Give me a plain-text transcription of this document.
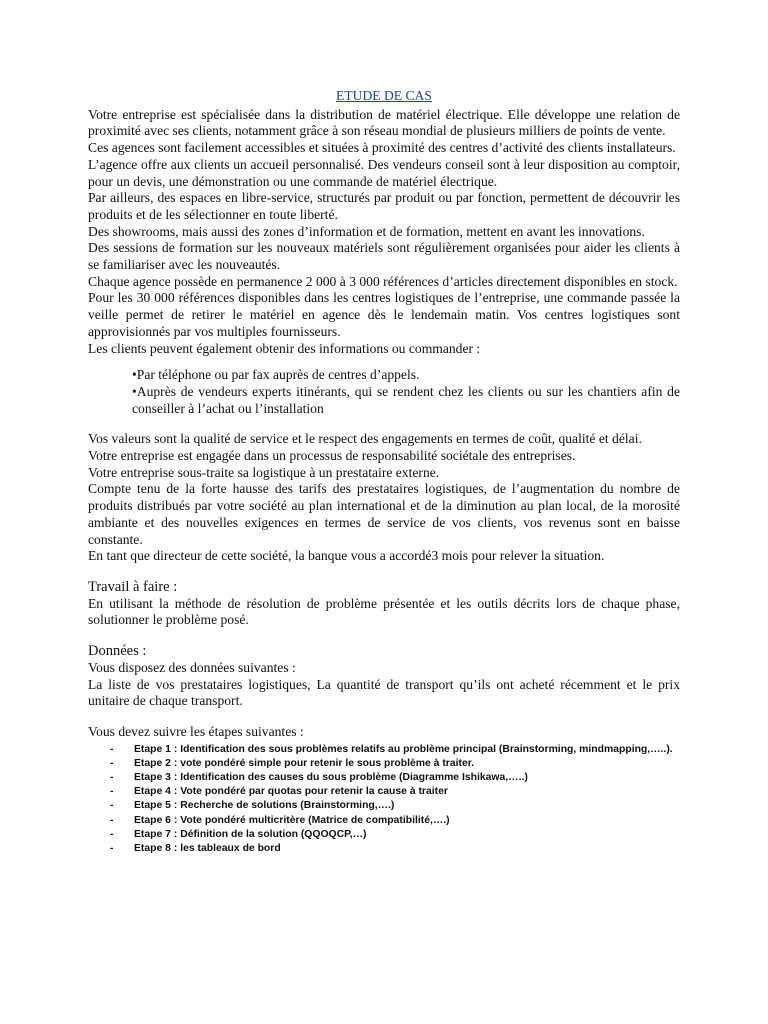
ETUDE DE CAS

Votre entreprise est spécialisée dans la distribution de matériel électrique. Elle développe une relation de proximité avec ses clients, notamment grâce à son réseau mondial de plusieurs milliers de points de vente.

Ces agences sont facilement accessibles et situées à proximité des centres d’activité des clients installateurs.

L’agence offre aux clients un accueil personnalisé. Des vendeurs conseil sont à leur disposition au comptoir, pour un devis, une démonstration ou une commande de matériel électrique.

Par ailleurs, des espaces en libre-service, structurés par produit ou par fonction, permettent de découvrir les produits et de les sélectionner en toute liberté.

Des showrooms, mais aussi des zones d’information et de formation, mettent en avant les innovations.

Des sessions de formation sur les nouveaux matériels sont régulièrement organisées pour aider les clients à se familiariser avec les nouveautés.

Chaque agence possède en permanence 2 000 à 3 000 références d’articles directement disponibles en stock.

Pour les 30 000 références disponibles dans les centres logistiques de l’entreprise, une commande passée la veille permet de retirer le matériel en agence dès le lendemain matin. Vos centres logistiques sont approvisionnés par vos multiples fournisseurs.

Les clients peuvent également obtenir des informations ou commander :

•Par téléphone ou par fax auprès de centres d’appels.

•Auprès de vendeurs experts itinérants, qui se rendent chez les clients ou sur les chantiers afin de conseiller à l’achat ou l’installation

Vos valeurs sont la qualité de service et le respect des engagements en termes de coût, qualité et délai.

Votre entreprise est engagée dans un processus de responsabilité sociétale des entreprises.

Votre entreprise sous-traite sa logistique à un prestataire externe.

Compte tenu de la forte hausse des tarifs des prestataires logistiques, de l’augmentation du nombre de produits distribués par votre société au plan international et de la diminution au plan local, de la morosité ambiante et des nouvelles exigences en termes de service de vos clients, vos revenus sont en baisse constante.

En tant que directeur de cette société, la banque vous a accordé3 mois pour relever la situation.

Travail à faire :

En utilisant la méthode de résolution de problème présentée et les outils décrits lors de chaque phase, solutionner le problème posé.

Données :

Vous disposez des données suivantes :

La liste de vos prestataires logistiques, La quantité de transport qu’ils ont acheté récemment et le prix unitaire de chaque transport.

Vous devez suivre les étapes suivantes :

- Etape 1 : Identification des sous problèmes relatifs au problème principal (Brainstorming, mindmapping,…..).
- Etape 2 : vote pondéré simple pour retenir le sous problème à traiter.
- Etape 3 : Identification des causes du sous problème (Diagramme Ishikawa,…..)
- Etape 4 : Vote pondéré par quotas pour retenir la cause à traiter
- Etape 5 : Recherche de solutions (Brainstorming,….)
- Etape 6 : Vote pondéré multicritère (Matrice de compatibilité,….)
- Etape 7 : Définition de la solution (QQOQCP,…)
- Etape 8 : les tableaux de bord
